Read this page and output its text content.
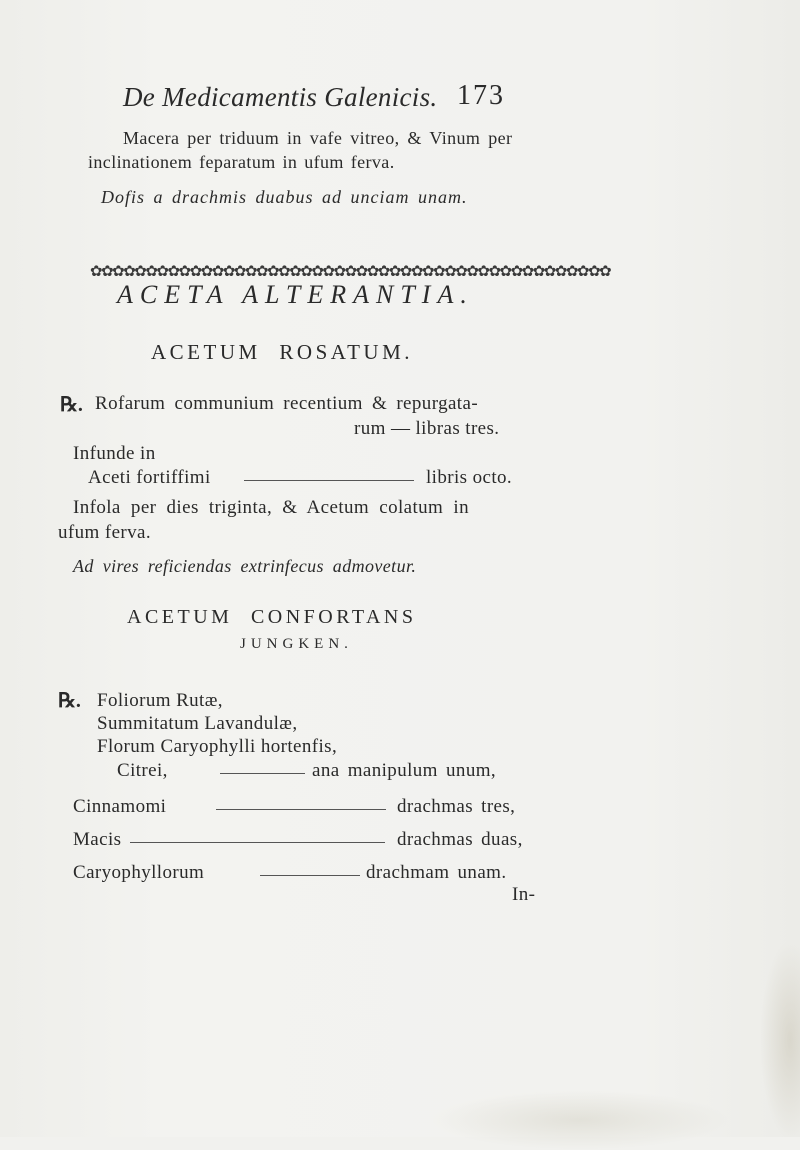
De Medicamentis Galenicis. 173
Macera per triduum in vafe vitreo, & Vinum per
inclinationem feparatum in ufum ferva.
Dofis a drachmis duabus ad unciam unam.
✿✿✿✿✿✿✿✿✿✿✿✿✿✿✿✿✿✿✿✿✿✿✿✿✿✿✿✿✿✿✿✿✿✿✿✿✿✿✿✿✿✿✿✿✿✿✿
ACETA ALTERANTIA.
ACETUM ROSATUM.
℞. Rofarum communium recentium & repurgata-
rum — libras tres.
Infunde in
Aceti fortiffimi	libris octo.
Infola per dies triginta, & Acetum colatum in
ufum ferva.
Ad vires reficiendas extrinfecus admovetur.
ACETUM CONFORTANS
JUNGKEN.
℞. Foliorum Rutæ,
Summitatum Lavandulæ,
Florum Caryophylli hortenfis,
Citrei,	ana manipulum unum,
Cinnamomi	drachmas tres,
Macis	drachmas duas,
Caryophyllorum	drachmam unam.
In-
